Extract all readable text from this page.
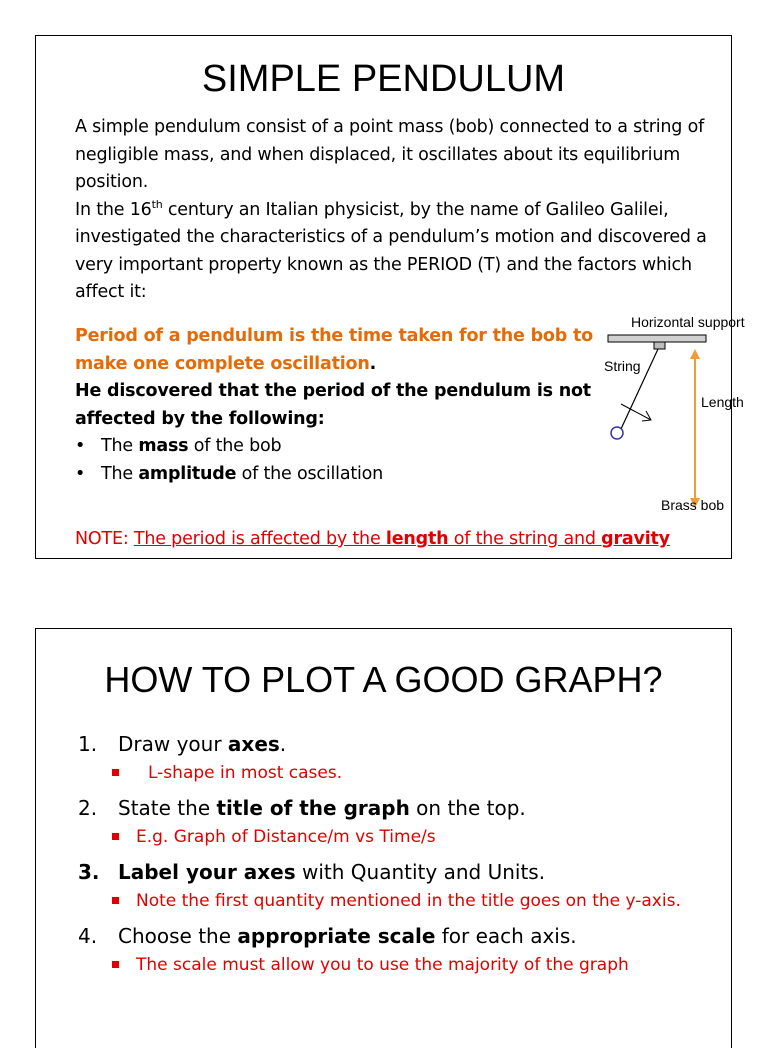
SIMPLE PENDULUM
A simple pendulum consist of a point mass (bob) connected to a string of negligible mass, and when displaced, it oscillates about its equilibrium position.
In the 16th century an Italian physicist, by the name of Galileo Galilei, investigated the characteristics of a pendulum’s motion and discovered a very important property known as the PERIOD (T) and the factors which affect it:
Period of a pendulum is the time taken for the bob to make one complete oscillation.
He discovered that the period of the pendulum is not affected by the following:
• The mass of the bob
• The amplitude of the oscillation
NOTE: The period is affected by the length of the string and gravity
Horizontal support
String
Length
Brass bob
HOW TO PLOT A GOOD GRAPH?
1. Draw your axes.
L-shape in most cases.
2. State the title of the graph on the top.
E.g. Graph of Distance/m vs Time/s
3. Label your axes with Quantity and Units.
Note the first quantity mentioned in the title goes on the y-axis.
4. Choose the appropriate scale for each axis.
The scale must allow you to use the majority of the graph
